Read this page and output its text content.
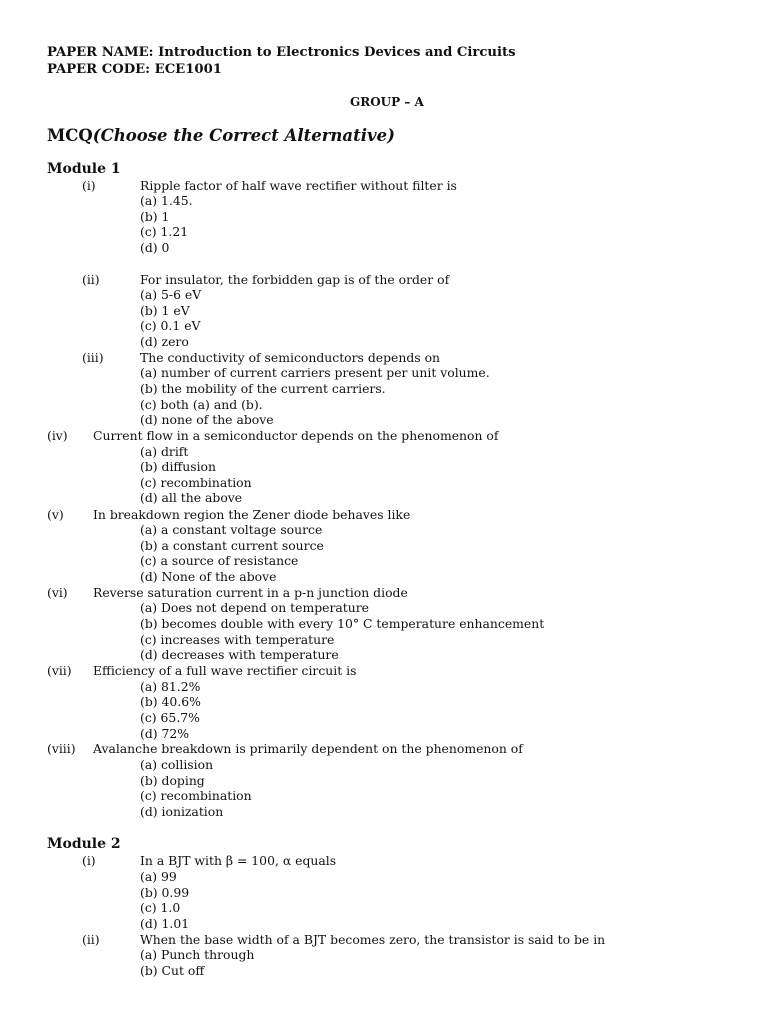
PAPER NAME: Introduction to Electronics Devices and Circuits
PAPER CODE: ECE1001
GROUP – A
MCQ(Choose the Correct Alternative)
Module 1
(i)	Ripple factor of half wave rectifier without filter is
(a) 1.45.
(b) 1
(c) 1.21
(d) 0
(ii)	For insulator, the forbidden gap is of the order of
(a) 5-6 eV
(b) 1 eV
(c) 0.1 eV
(d) zero
(iii)	The conductivity of semiconductors depends on
(a) number of current carriers present per unit volume.
(b) the mobility of the current carriers.
(c) both (a) and (b).
(d) none of the above
(iv) Current flow in a semiconductor depends on the phenomenon of
(a) drift
(b) diffusion
(c) recombination
(d) all the above
(v) In breakdown region the Zener diode behaves like
(a) a constant voltage source
(b) a constant current source
(c) a source of resistance
(d) None of the above
(vi) Reverse saturation current in a p-n junction diode
(a) Does not depend on temperature
(b) becomes double with every 10° C temperature enhancement
(c) increases with temperature
(d) decreases with temperature
(vii) Efficiency of a full wave rectifier circuit is
(a) 81.2%
(b) 40.6%
(c) 65.7%
(d) 72%
(viii) Avalanche breakdown is primarily dependent on the phenomenon of
(a) collision
(b) doping
(c) recombination
(d) ionization
Module 2
(i)	In a BJT with β = 100, α equals
(a) 99
(b) 0.99
(c) 1.0
(d) 1.01
(ii)	When the base width of a BJT becomes zero, the transistor is said to be in
(a) Punch through
(b) Cut off
